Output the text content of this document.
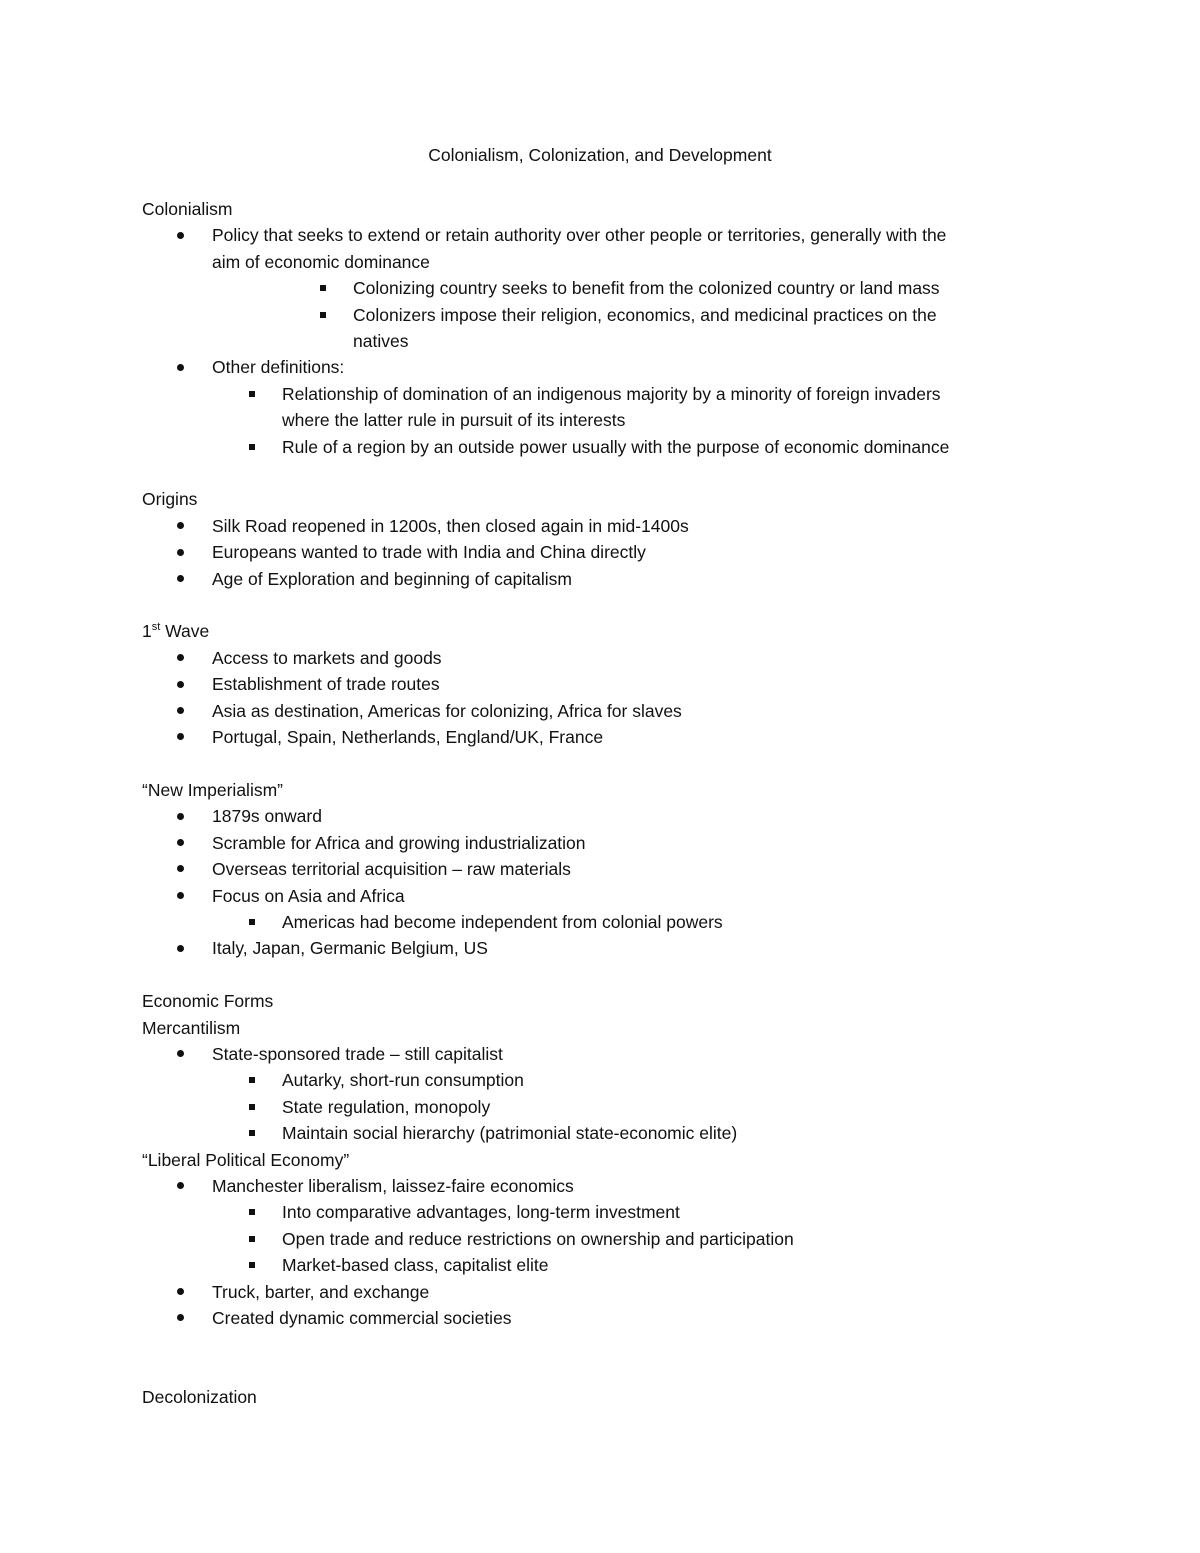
Colonialism, Colonization, and Development
Colonialism
Policy that seeks to extend or retain authority over other people or territories, generally with the
aim of economic dominance
Colonizing country seeks to benefit from the colonized country or land mass
Colonizers impose their religion, economics, and medicinal practices on the
natives
Other definitions:
Relationship of domination of an indigenous majority by a minority of foreign invaders
where the latter rule in pursuit of its interests
Rule of a region by an outside power usually with the purpose of economic dominance
Origins
Silk Road reopened in 1200s, then closed again in mid-1400s
Europeans wanted to trade with India and China directly
Age of Exploration and beginning of capitalism
1st Wave
Access to markets and goods
Establishment of trade routes
Asia as destination, Americas for colonizing, Africa for slaves
Portugal, Spain, Netherlands, England/UK, France
“New Imperialism”
1879s onward
Scramble for Africa and growing industrialization
Overseas territorial acquisition – raw materials
Focus on Asia and Africa
Americas had become independent from colonial powers
Italy, Japan, Germanic Belgium, US
Economic Forms
Mercantilism
State-sponsored trade – still capitalist
Autarky, short-run consumption
State regulation, monopoly
Maintain social hierarchy (patrimonial state-economic elite)
“Liberal Political Economy”
Manchester liberalism, laissez-faire economics
Into comparative advantages, long-term investment
Open trade and reduce restrictions on ownership and participation
Market-based class, capitalist elite
Truck, barter, and exchange
Created dynamic commercial societies
Decolonization
